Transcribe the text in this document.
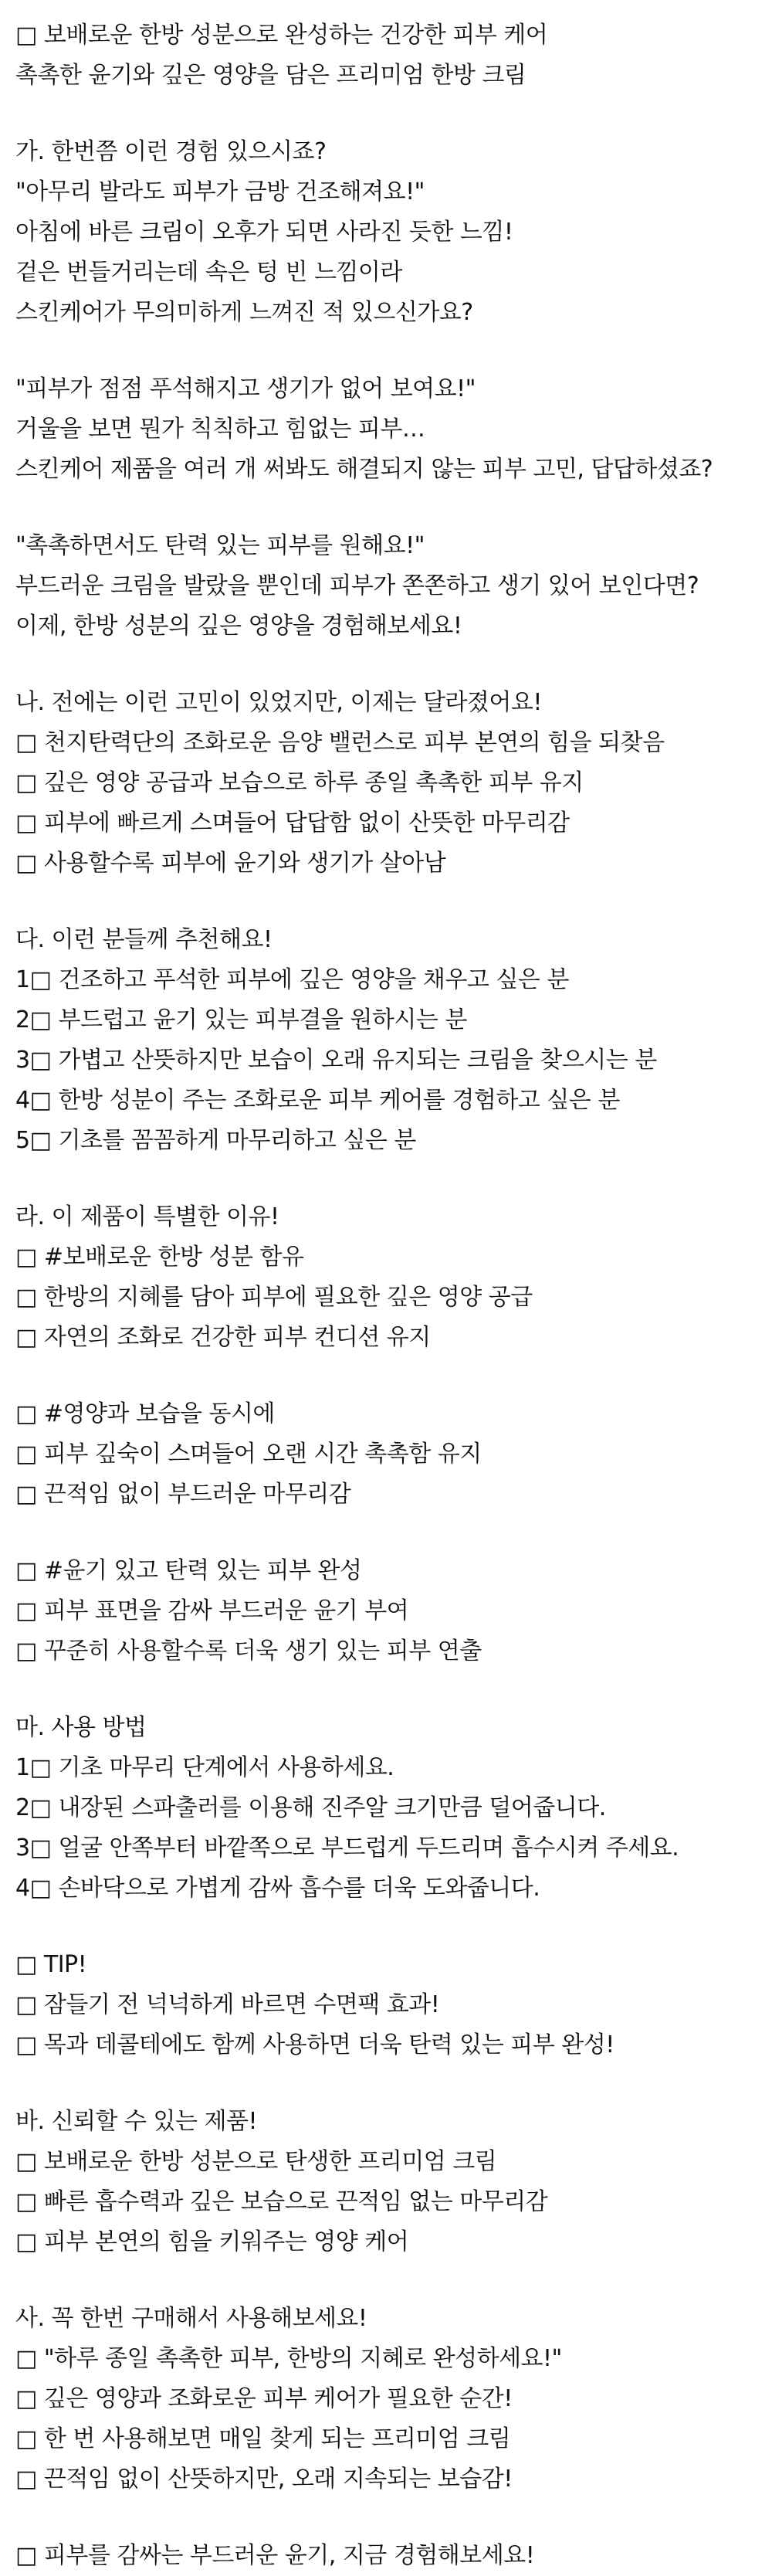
□ 보배로운 한방 성분으로 완성하는 건강한 피부 케어
촉촉한 윤기와 깊은 영양을 담은 프리미엄 한방 크림
가. 한번쯤 이런 경험 있으시죠?
"아무리 발라도 피부가 금방 건조해져요!"
아침에 바른 크림이 오후가 되면 사라진 듯한 느낌!
겉은 번들거리는데 속은 텅 빈 느낌이라
스킨케어가 무의미하게 느껴진 적 있으신가요?
"피부가 점점 푸석해지고 생기가 없어 보여요!"
거울을 보면 뭔가 칙칙하고 힘없는 피부…
스킨케어 제품을 여러 개 써봐도 해결되지 않는 피부 고민, 답답하셨죠?
"촉촉하면서도 탄력 있는 피부를 원해요!"
부드러운 크림을 발랐을 뿐인데 피부가 쫀쫀하고 생기 있어 보인다면?
이제, 한방 성분의 깊은 영양을 경험해보세요!
나. 전에는 이런 고민이 있었지만, 이제는 달라졌어요!
□ 천지탄력단의 조화로운 음양 밸런스로 피부 본연의 힘을 되찾음
□ 깊은 영양 공급과 보습으로 하루 종일 촉촉한 피부 유지
□ 피부에 빠르게 스며들어 답답함 없이 산뜻한 마무리감
□ 사용할수록 피부에 윤기와 생기가 살아남
다. 이런 분들께 추천해요!
1□ 건조하고 푸석한 피부에 깊은 영양을 채우고 싶은 분
2□ 부드럽고 윤기 있는 피부결을 원하시는 분
3□ 가볍고 산뜻하지만 보습이 오래 유지되는 크림을 찾으시는 분
4□ 한방 성분이 주는 조화로운 피부 케어를 경험하고 싶은 분
5□ 기초를 꼼꼼하게 마무리하고 싶은 분
라. 이 제품이 특별한 이유!
□ #보배로운 한방 성분 함유
□ 한방의 지혜를 담아 피부에 필요한 깊은 영양 공급
□ 자연의 조화로 건강한 피부 컨디션 유지
□ #영양과 보습을 동시에
□ 피부 깊숙이 스며들어 오랜 시간 촉촉함 유지
□ 끈적임 없이 부드러운 마무리감
□ #윤기 있고 탄력 있는 피부 완성
□ 피부 표면을 감싸 부드러운 윤기 부여
□ 꾸준히 사용할수록 더욱 생기 있는 피부 연출
마. 사용 방법
1□ 기초 마무리 단계에서 사용하세요.
2□ 내장된 스파출러를 이용해 진주알 크기만큼 덜어줍니다.
3□ 얼굴 안쪽부터 바깥쪽으로 부드럽게 두드리며 흡수시켜 주세요.
4□ 손바닥으로 가볍게 감싸 흡수를 더욱 도와줍니다.
□ TIP!
□ 잠들기 전 넉넉하게 바르면 수면팩 효과!
□ 목과 데콜테에도 함께 사용하면 더욱 탄력 있는 피부 완성!
바. 신뢰할 수 있는 제품!
□ 보배로운 한방 성분으로 탄생한 프리미엄 크림
□ 빠른 흡수력과 깊은 보습으로 끈적임 없는 마무리감
□ 피부 본연의 힘을 키워주는 영양 케어
사. 꼭 한번 구매해서 사용해보세요!
□ "하루 종일 촉촉한 피부, 한방의 지혜로 완성하세요!"
□ 깊은 영양과 조화로운 피부 케어가 필요한 순간!
□ 한 번 사용해보면 매일 찾게 되는 프리미엄 크림
□ 끈적임 없이 산뜻하지만, 오래 지속되는 보습감!
□ 피부를 감싸는 부드러운 윤기, 지금 경험해보세요!
